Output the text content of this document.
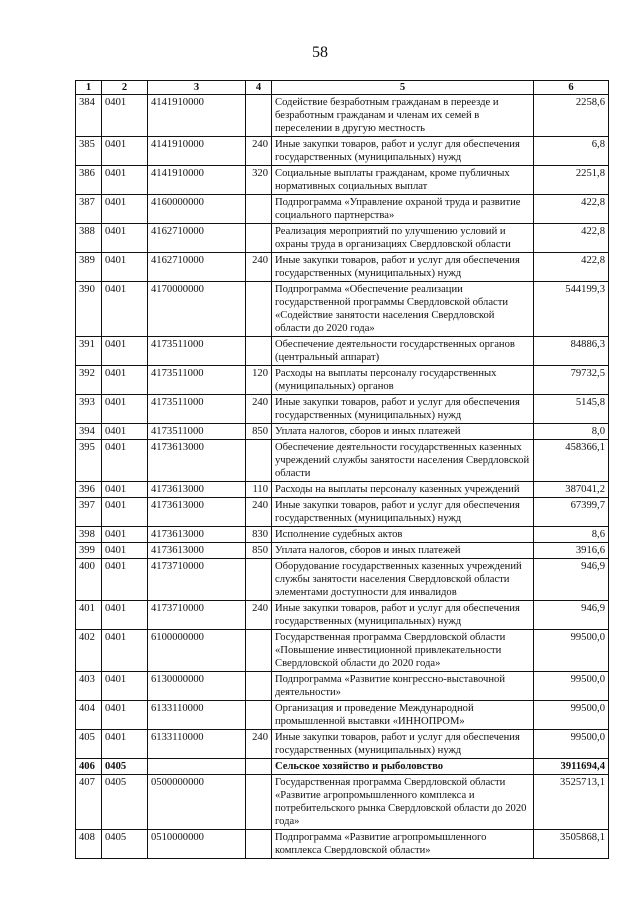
58
1	2	3	4	5	6
384	0401	4141910000		Содействие безработным гражданам в переезде и безработным гражданам и членам их семей в переселении в другую местность	2258,6
385	0401	4141910000	240	Иные закупки товаров, работ и услуг для обеспечения государственных (муниципальных) нужд	6,8
386	0401	4141910000	320	Социальные выплаты гражданам, кроме публичных нормативных социальных выплат	2251,8
387	0401	4160000000		Подпрограмма «Управление охраной труда и развитие социального партнерства»	422,8
388	0401	4162710000		Реализация мероприятий по улучшению условий и охраны труда в организациях Свердловской области	422,8
389	0401	4162710000	240	Иные закупки товаров, работ и услуг для обеспечения государственных (муниципальных) нужд	422,8
390	0401	4170000000		Подпрограмма «Обеспечение реализации государственной программы Свердловской области «Содействие занятости населения Свердловской области до 2020 года»	544199,3
391	0401	4173511000		Обеспечение деятельности государственных органов (центральный аппарат)	84886,3
392	0401	4173511000	120	Расходы на выплаты персоналу государственных (муниципальных) органов	79732,5
393	0401	4173511000	240	Иные закупки товаров, работ и услуг для обеспечения государственных (муниципальных) нужд	5145,8
394	0401	4173511000	850	Уплата налогов, сборов и иных платежей	8,0
395	0401	4173613000		Обеспечение деятельности государственных казенных учреждений службы занятости населения Свердловской области	458366,1
396	0401	4173613000	110	Расходы на выплаты персоналу казенных учреждений	387041,2
397	0401	4173613000	240	Иные закупки товаров, работ и услуг для обеспечения государственных (муниципальных) нужд	67399,7
398	0401	4173613000	830	Исполнение судебных актов	8,6
399	0401	4173613000	850	Уплата налогов, сборов и иных платежей	3916,6
400	0401	4173710000		Оборудование государственных казенных учреждений службы занятости населения Свердловской области элементами доступности для инвалидов	946,9
401	0401	4173710000	240	Иные закупки товаров, работ и услуг для обеспечения государственных (муниципальных) нужд	946,9
402	0401	6100000000		Государственная программа Свердловской области «Повышение инвестиционной привлекательности Свердловской области до 2020 года»	99500,0
403	0401	6130000000		Подпрограмма «Развитие конгрессно-выставочной деятельности»	99500,0
404	0401	6133110000		Организация и проведение Международной промышленной выставки «ИННОПРОМ»	99500,0
405	0401	6133110000	240	Иные закупки товаров, работ и услуг для обеспечения государственных (муниципальных) нужд	99500,0
406	0405			Сельское хозяйство и рыболовство	3911694,4
407	0405	0500000000		Государственная программа Свердловской области «Развитие агропромышленного комплекса и потребительского рынка Свердловской области до 2020 года»	3525713,1
408	0405	0510000000		Подпрограмма «Развитие агропромышленного комплекса Свердловской области»	3505868,1
